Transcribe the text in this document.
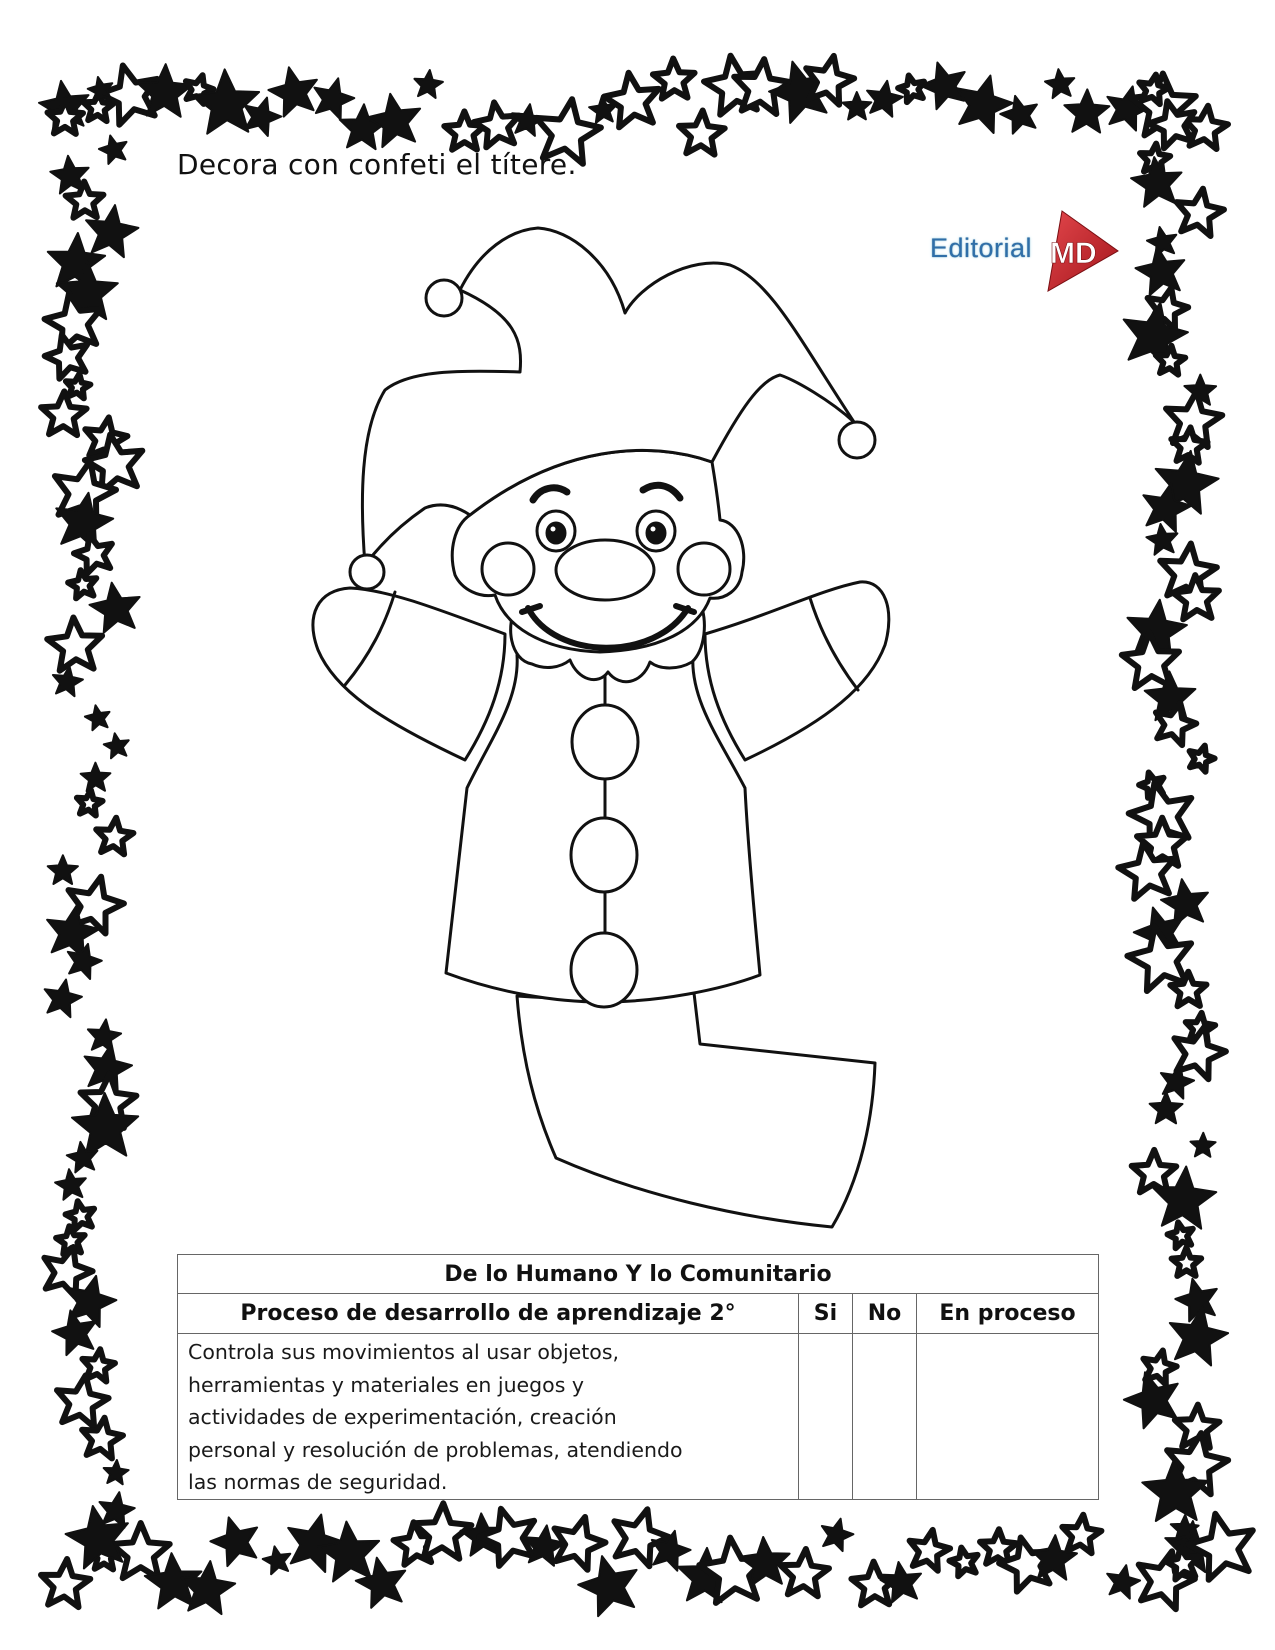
Decora con confeti el títere.
Editorial MD
De lo Humano Y lo Comunitario			
Proceso de desarrollo de aprendizaje 2°	Si	No	En proceso

Controla sus movimientos al usar objetos,
herramientas y materiales en juegos y
actividades de experimentación, creación
personal y resolución de problemas, atendiendo
las normas de seguridad.			
